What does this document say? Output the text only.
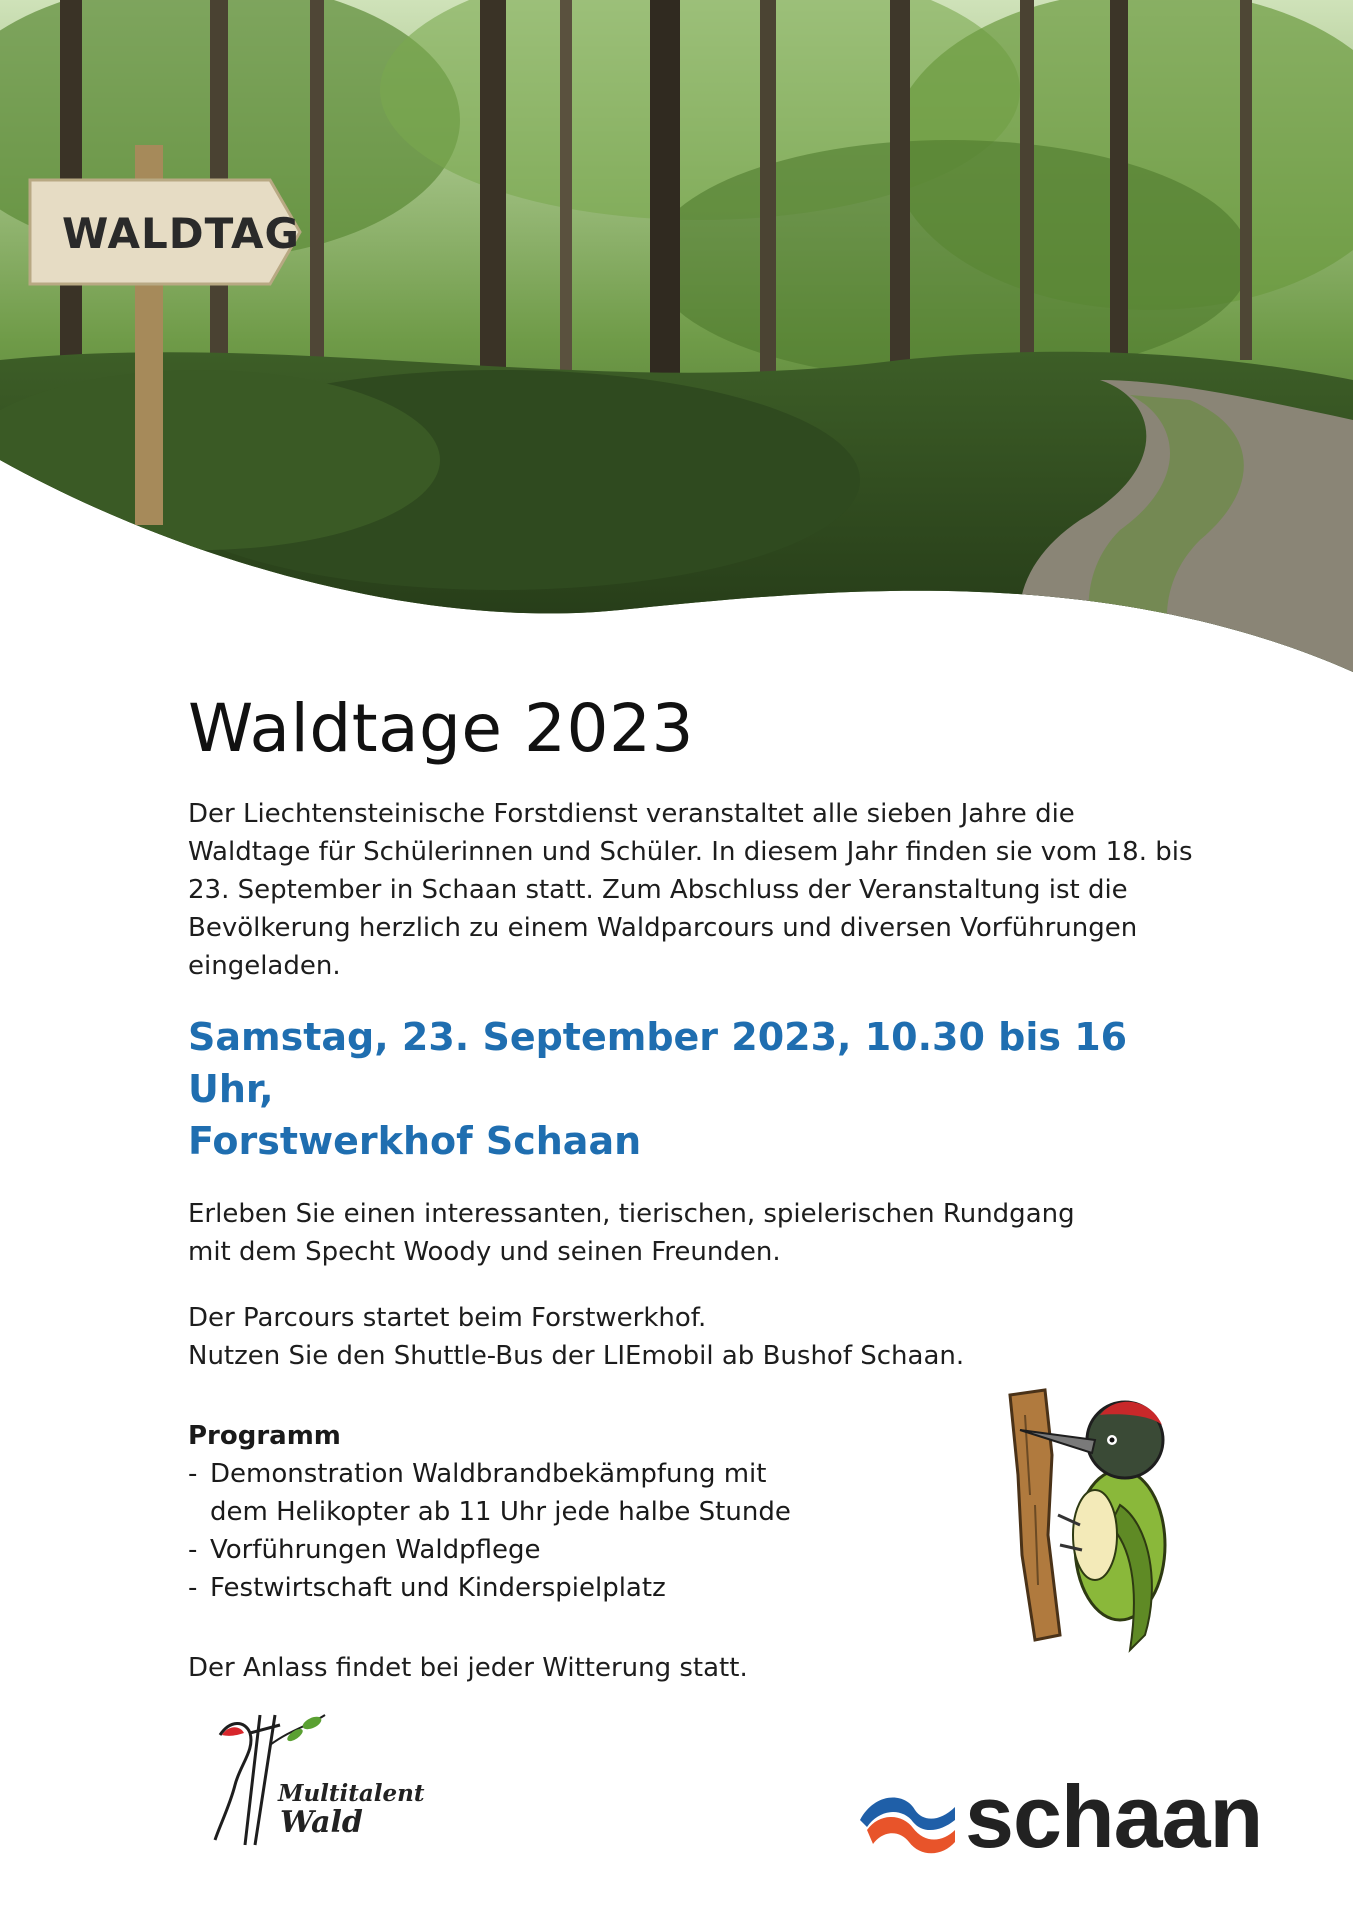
WALDTAG
Waldtage 2023

Der Liechtensteinische Forstdienst veranstaltet alle sieben Jahre die Waldtage für Schülerinnen und Schüler. In diesem Jahr finden sie vom 18. bis 23. September in Schaan statt. Zum Abschluss der Veranstaltung ist die Bevölkerung herzlich zu einem Waldparcours und diversen Vorführungen eingeladen.

Samstag, 23. September 2023, 10.30 bis 16 Uhr,
Forstwerkhof Schaan

Erleben Sie einen interessanten, tierischen, spielerischen Rundgang
mit dem Specht Woody und seinen Freunden.

Der Parcours startet beim Forstwerkhof.
Nutzen Sie den Shuttle-Bus der LIEmobil ab Bushof Schaan.

Programm

- Demonstration Waldbrandbekämpfung mit
dem Helikopter ab 11 Uhr jede halbe Stunde
- Vorführungen Waldpflege
- Festwirtschaft und Kinderspielplatz

Der Anlass findet bei jeder Witterung statt.

Multitalent
Wald	schaan
